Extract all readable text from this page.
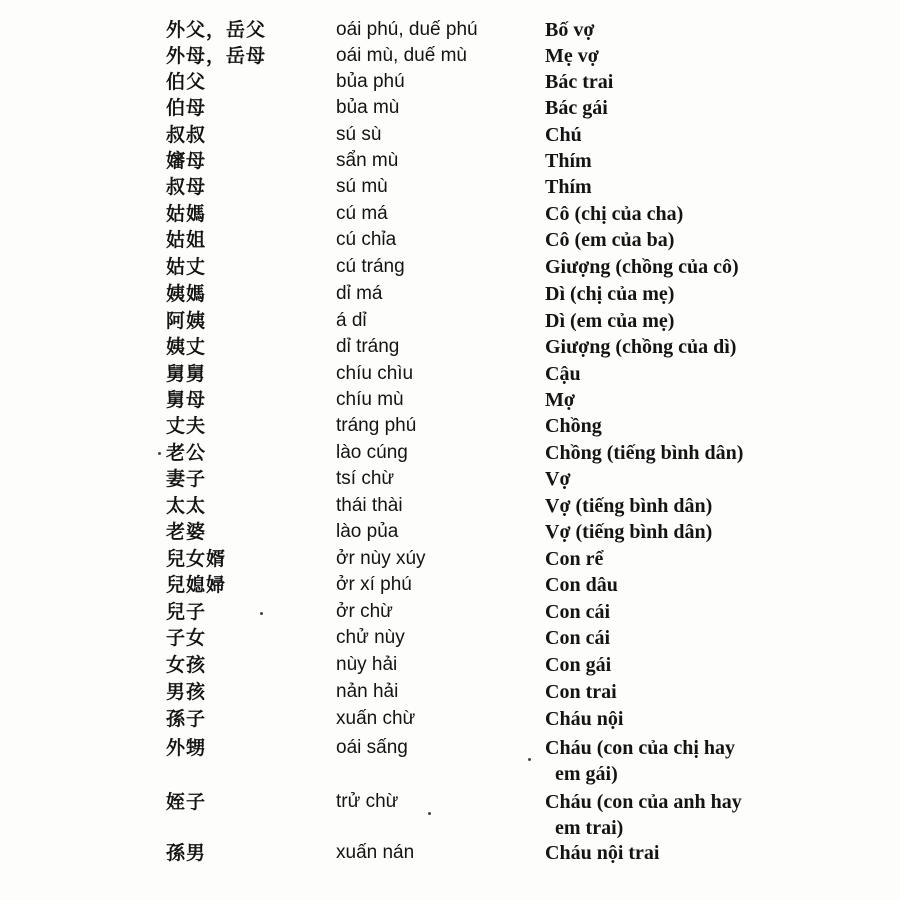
外父，岳父	oái phú, duế phú	Bố vợ
外母，岳母	oái mù, duế mù	Mẹ vợ
伯父	bủa phú	Bác trai
伯母	bủa mù	Bác gái
叔叔	sú sù	Chú
嬸母	sẩn mù	Thím
叔母	sú mù	Thím
姑媽	cú má	Cô (chị của cha)
姑姐	cú chỉa	Cô (em của ba)
姑丈	cú tráng	Giượng (chồng của cô)
姨媽	dỉ má	Dì (chị của mẹ)
阿姨	á dỉ	Dì (em của mẹ)
姨丈	dỉ tráng	Giượng (chồng của dì)
舅舅	chíu chìu	Cậu
舅母	chíu mù	Mợ
丈夫	tráng phú	Chồng
老公	lào cúng	Chồng (tiếng bình dân)
妻子	tsí chừ	Vợ
太太	thái thài	Vợ (tiếng bình dân)
老婆	lào pủa	Vợ (tiếng bình dân)
兒女婿	ởr nùy xúy	Con rể
兒媳婦	ởr xí phú	Con dâu
兒子	ởr chừ	Con cái
子女	chử nùy	Con cái
女孩	nùy hải	Con gái
男孩	nản hải	Con trai
孫子	xuấn chừ	Cháu nội
外甥	oái sấng	Cháu (con của chị hay
em gái)
姪子	trử chừ	Cháu (con của anh hay
em trai)
孫男	xuấn nán	Cháu nội trai
